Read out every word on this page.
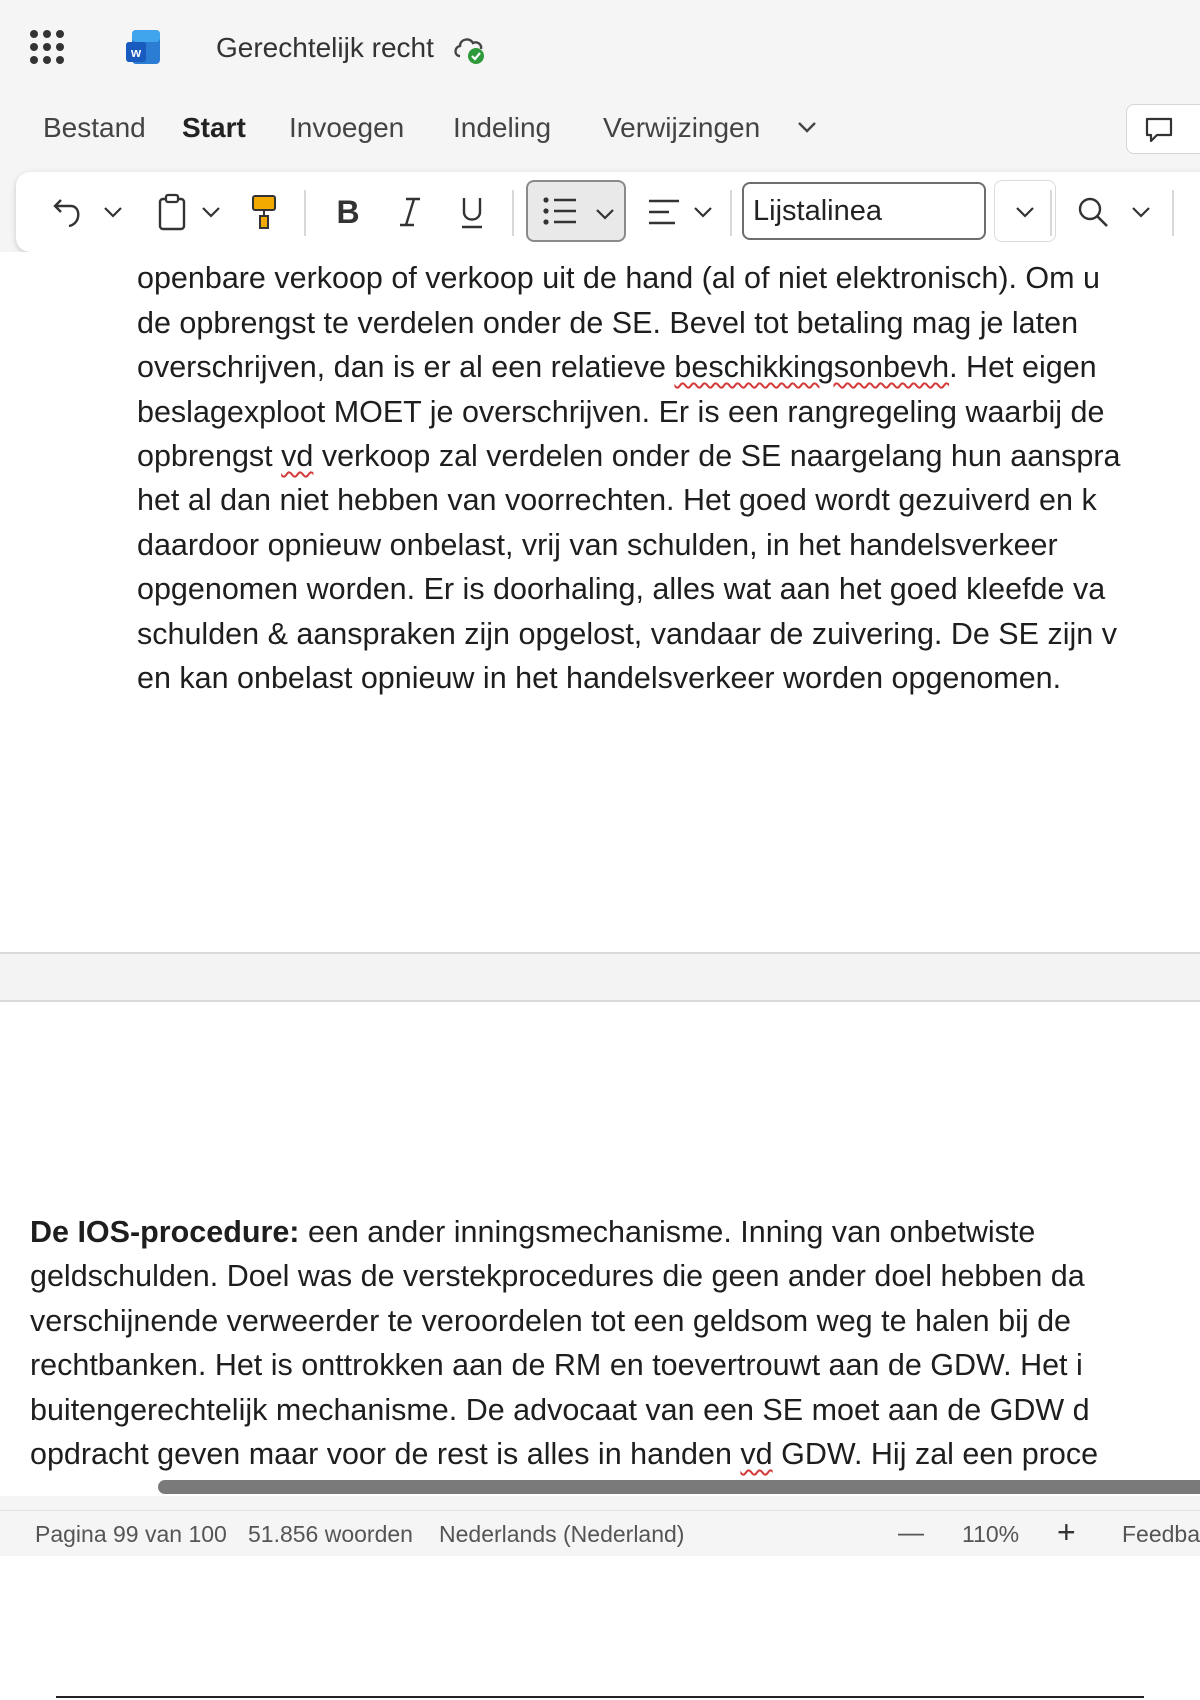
w	Gerechtelijk recht
Bestand Start Invoegen Indeling Verwijzingen
B	Lijstalinea
openbare verkoop of verkoop uit de hand (al of niet elektronisch). Om u
de opbrengst te verdelen onder de SE. Bevel tot betaling mag je laten
overschrijven, dan is er al een relatieve beschikkingsonbevh. Het eigen
beslagexploot MOET je overschrijven. Er is een rangregeling waarbij de
opbrengst vd verkoop zal verdelen onder de SE naargelang hun aanspra
het al dan niet hebben van voorrechten. Het goed wordt gezuiverd en k
daardoor opnieuw onbelast, vrij van schulden, in het handelsverkeer
opgenomen worden. Er is doorhaling, alles wat aan het goed kleefde va
schulden & aanspraken zijn opgelost, vandaar de zuivering. De SE zijn v
en kan onbelast opnieuw in het handelsverkeer worden opgenomen.
De IOS-procedure: een ander inningsmechanisme. Inning van onbetwiste
geldschulden. Doel was de verstekprocedures die geen ander doel hebben da
verschijnende verweerder te veroordelen tot een geldsom weg te halen bij de
rechtbanken. Het is onttrokken aan de RM en toevertrouwt aan de GDW. Het i
buitengerechtelijk mechanisme. De advocaat van een SE moet aan de GDW d
opdracht geven maar voor de rest is alles in handen vd GDW. Hij zal een proce
Pagina 99 van 100 51.856 woorden Nederlands (Nederland)	— 110% + Feedba
